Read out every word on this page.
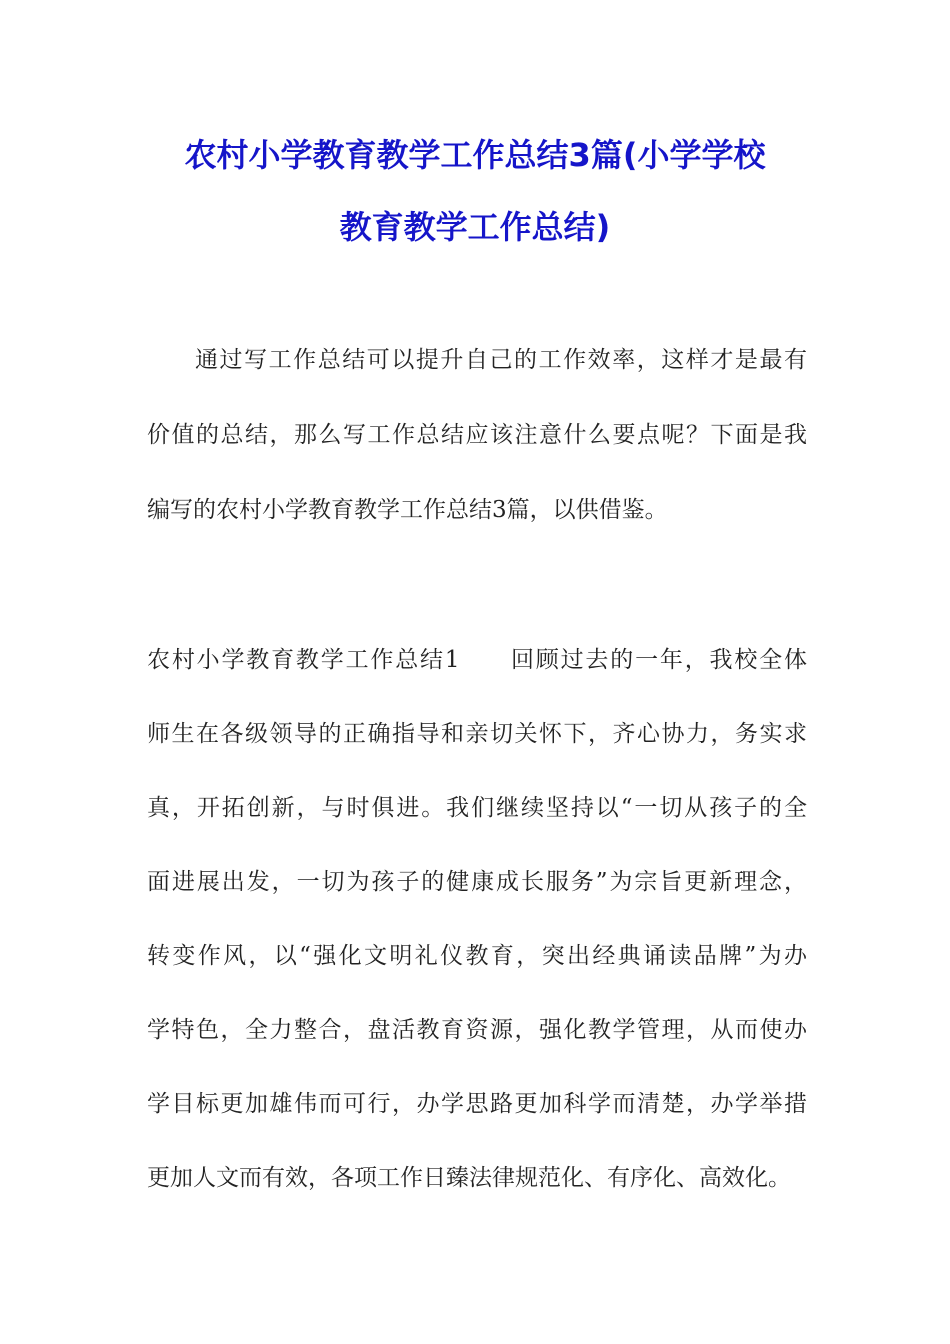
农村小学教育教学工作总结3篇(小学学校
教育教学工作总结)
通过写工作总结可以提升自己的工作效率，这样才是最有
价值的总结，那么写工作总结应该注意什么要点呢？下面是我
编写的农村小学教育教学工作总结3篇，以供借鉴。
农村小学教育教学工作总结1　　回顾过去的一年，我校全体
师生在各级领导的正确指导和亲切关怀下，齐心协力，务实求
真，开拓创新，与时俱进。我们继续坚持以“一切从孩子的全
面进展出发，一切为孩子的健康成长服务”为宗旨更新理念，
转变作风，以“强化文明礼仪教育，突出经典诵读品牌”为办
学特色，全力整合，盘活教育资源，强化教学管理，从而使办
学目标更加雄伟而可行，办学思路更加科学而清楚，办学举措
更加人文而有效，各项工作日臻法律规范化、有序化、高效化。
